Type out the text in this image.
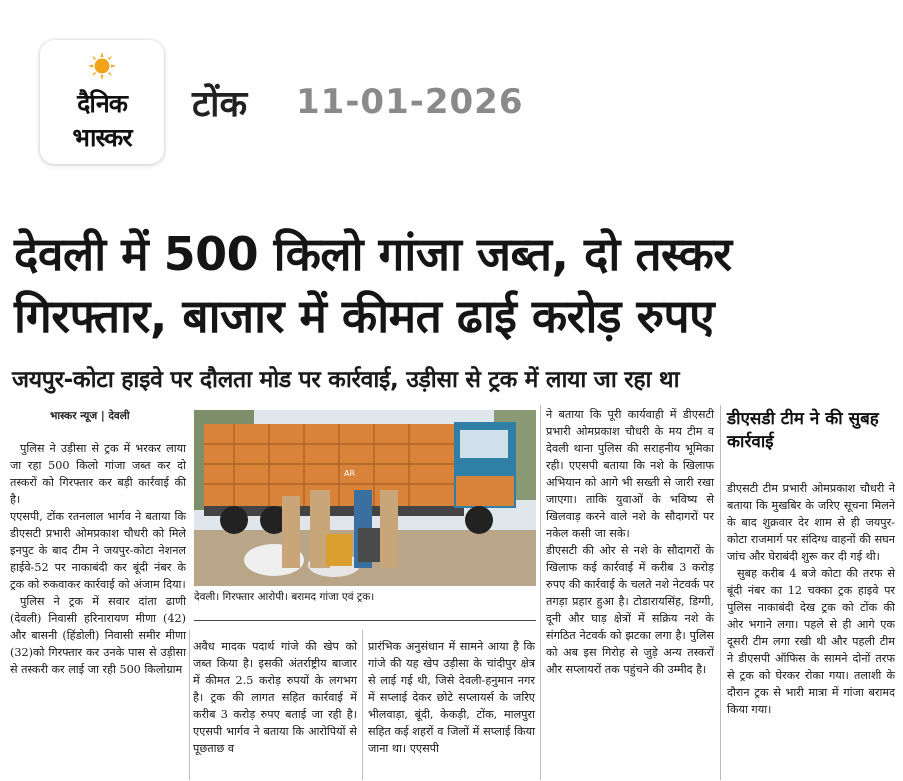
दैनिक
भास्कर
टोंक 11-01-2026
देवली में 500 किलो गांजा जब्त, दो तस्कर
गिरफ्तार, बाजार में कीमत ढाई करोड़ रुपए
जयपुर-कोटा हाइवे पर दौलता मोड पर कार्रवाई, उड़ीसा से ट्रक में लाया जा रहा था
भास्कर न्यूज | देवली

पुलिस ने उड़ीसा से ट्रक में भरकर लाया जा रहा 500 किलो गांजा जब्त कर दो तस्करों को गिरफ्तार कर बड़ी कार्रवाई की है।

एएसपी, टोंक रतनलाल भार्गव ने बताया कि डीएसटी प्रभारी ओमप्रकाश चौधरी को मिले इनपुट के बाद टीम ने जयपुर-कोटा नेशनल हाईवे-52 पर नाकाबंदी कर बूंदी नंबर के ट्रक को रुकवाकर कार्रवाई को अंजाम दिया।

पुलिस ने ट्रक में सवार दांता ढाणी (देवली) निवासी हरिनारायण मीणा (42) और बासनी (हिंडोली) निवासी समीर मीणा (32)को गिरफ्तार कर उनके पास से उड़ीसा से तस्करी कर लाई जा रही 500 किलोग्राम

AR
देवली। गिरफ्तार आरोपी। बरामद गांजा एवं ट्रक।

अवैध मादक पदार्थ गांजे की खेप को जब्त किया है। इसकी अंतर्राष्ट्रीय बाजार में कीमत 2.5 करोड़ रुपयों के लगभग है। ट्रक की लागत सहित कार्रवाई में करीब 3 करोड़ रुपए बताई जा रही है। एएसपी भार्गव ने बताया कि आरोपियों से पूछताछ व

प्रारंभिक अनुसंधान में सामने आया है कि गांजे की यह खेप उड़ीसा के चांदीपुर क्षेत्र से लाई गई थी, जिसे देवली-हनुमान नगर में सप्लाई देकर छोटे सप्लायर्स के जरिए भीलवाड़ा, बूंदी, केकड़ी, टोंक, मालपुरा सहित कई शहरों व जिलों में सप्लाई किया जाना था। एएसपी

ने बताया कि पूरी कार्यवाही में डीएसटी प्रभारी ओमप्रकाश चौधरी के मय टीम व देवली थाना पुलिस की सराहनीय भूमिका रही। एएसपी बताया कि नशे के खिलाफ अभियान को आगे भी सख्ती से जारी रखा जाएगा। ताकि युवाओं के भविष्य से खिलवाड़ करने वाले नशे के सौदागरों पर नकेल कसी जा सके।

डीएसटी की ओर से नशे के सौदागरों के खिलाफ कई कार्रवाई में करीब 3 करोड़ रुपए की कार्रवाई के चलते नशे नेटवर्क पर तगड़ा प्रहार हुआ है। टोडारायसिंह, डिग्गी, दूनी और घाड़ क्षेत्रों में सक्रिय नशे के संगठित नेटवर्क को झटका लगा है। पुलिस को अब इस गिरोह से जुड़े अन्य तस्करों और सप्लायरों तक पहुंचने की उम्मीद है।

डीएसडी टीम ने की सुबह कार्रवाई

डीएसटी टीम प्रभारी ओमप्रकाश चौधरी ने बताया कि मुखबिर के जरिए सूचना मिलने के बाद शुक्रवार देर शाम से ही जयपुर-कोटा राजमार्ग पर संदिग्ध वाहनों की सघन जांच और घेराबंदी शुरू कर दी गई थी।

सुबह करीब 4 बजे कोटा की तरफ से बूंदी नंबर का 12 चक्का ट्रक हाइवे पर पुलिस नाकाबंदी देख ट्रक को टोंक की ओर भगाने लगा। पहले से ही आगे एक दूसरी टीम लगा रखी थी और पहली टीम ने डीएसपी ऑफिस के सामने दोनों तरफ से ट्रक को घेरकर रोका गया। तलाशी के दौरान ट्रक से भारी मात्रा में गांजा बरामद किया गया।
